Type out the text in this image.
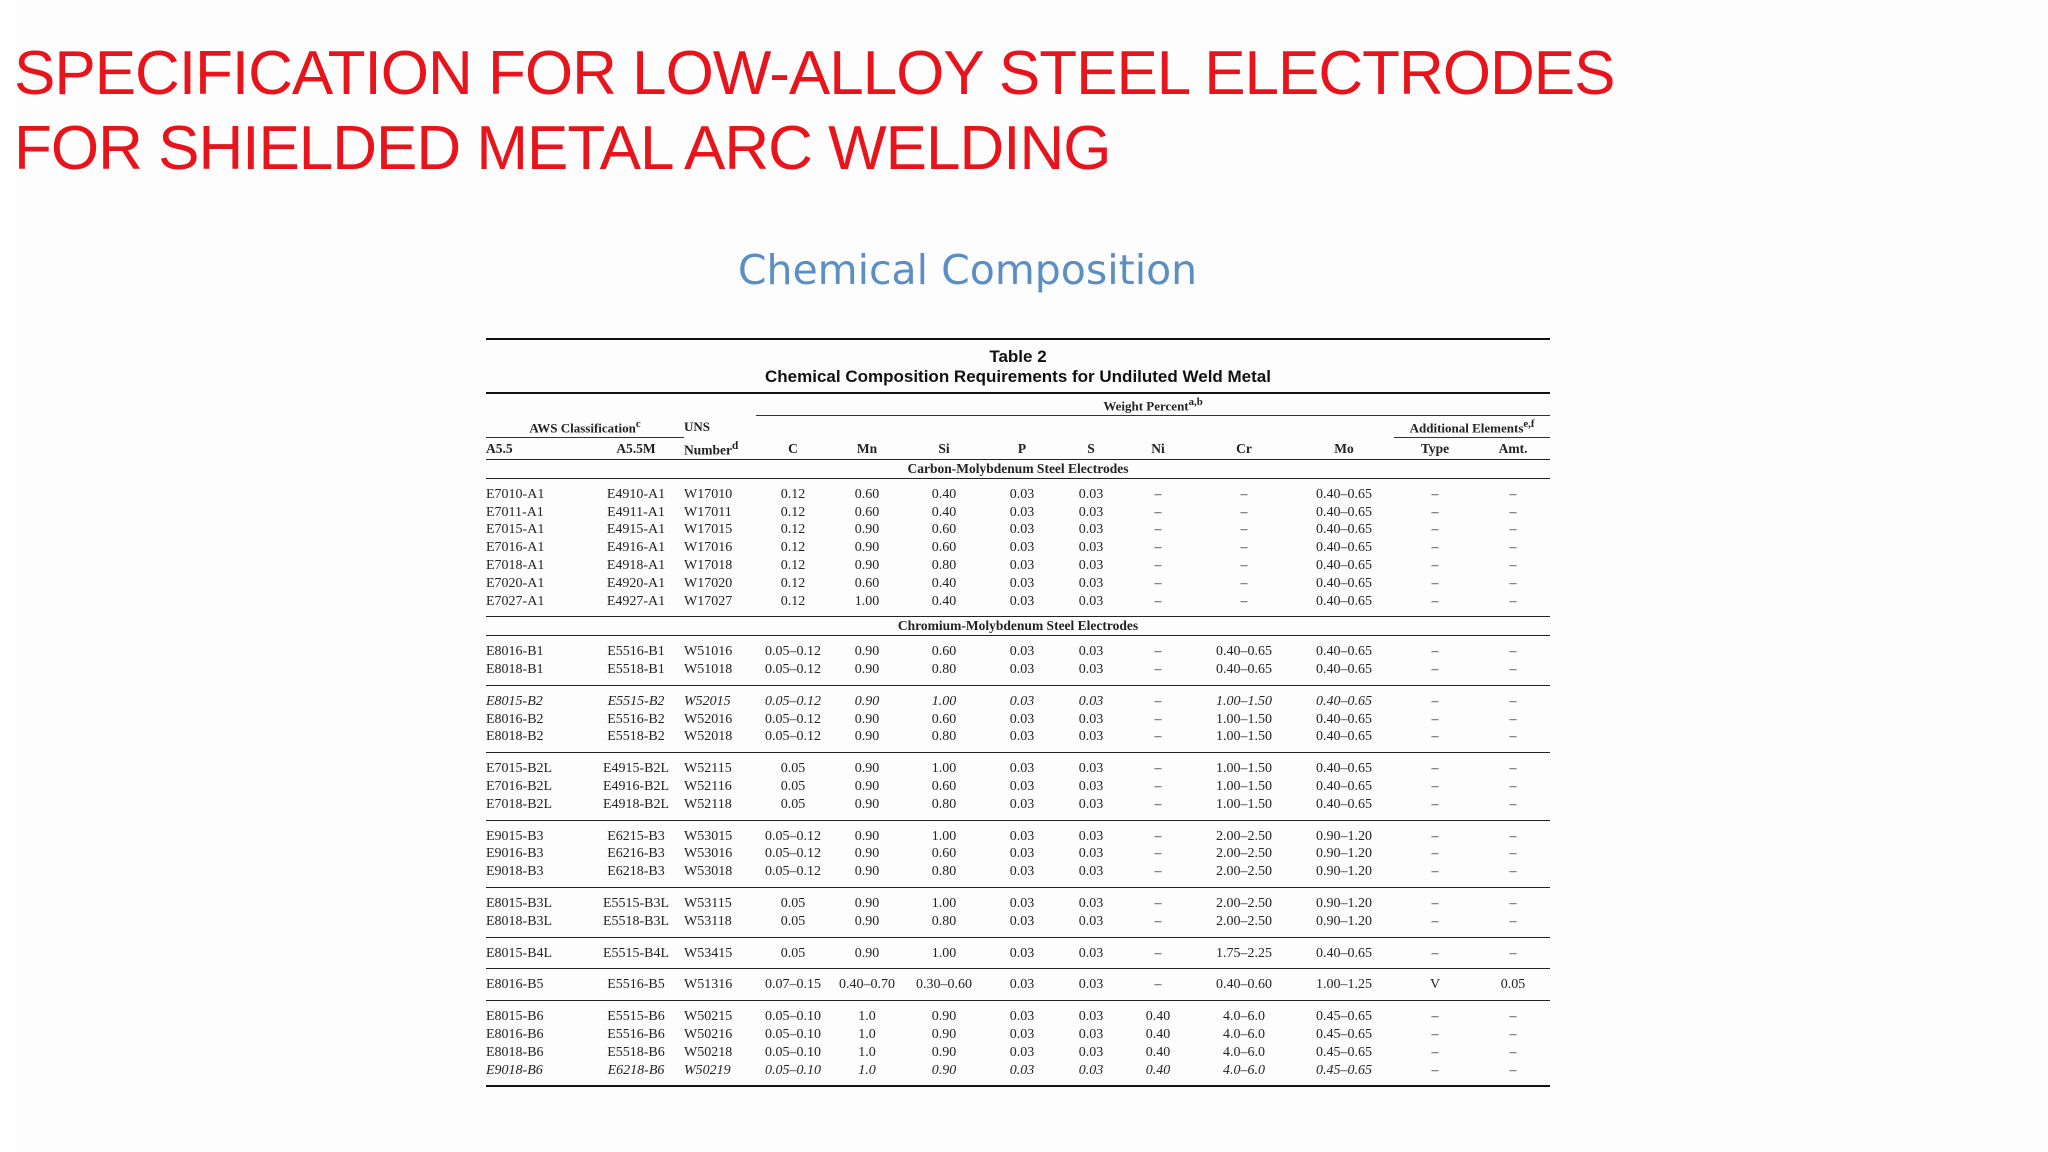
SPECIFICATION FOR LOW-ALLOY STEEL ELECTRODES
FOR SHIELDED METAL ARC WELDING
Chemical Composition
Table 2
Chemical Composition Requirements for Undiluted Weld Metal
			Weight Percent$^{a,b}$
AWS Classification$^c$		UNS									Additional Elements$^{e,f}$
A5.5	A5.5M	Number$^d$	C	Mn	Si	P	S	Ni	Cr	Mo	Type	Amt.
Carbon-Molybdenum Steel Electrodes												
E7010-A1	E4910-A1	W17010	0.12	0.60	0.40	0.03	0.03	–	–	0.40–0.65	–	–
E7011-A1	E4911-A1	W17011	0.12	0.60	0.40	0.03	0.03	–	–	0.40–0.65	–	–
E7015-A1	E4915-A1	W17015	0.12	0.90	0.60	0.03	0.03	–	–	0.40–0.65	–	–
E7016-A1	E4916-A1	W17016	0.12	0.90	0.60	0.03	0.03	–	–	0.40–0.65	–	–
E7018-A1	E4918-A1	W17018	0.12	0.90	0.80	0.03	0.03	–	–	0.40–0.65	–	–
E7020-A1	E4920-A1	W17020	0.12	0.60	0.40	0.03	0.03	–	–	0.40–0.65	–	–
E7027-A1	E4927-A1	W17027	0.12	1.00	0.40	0.03	0.03	–	–	0.40–0.65	–	–
Chromium-Molybdenum Steel Electrodes												
E8016-B1	E5516-B1	W51016	0.05–0.12	0.90	0.60	0.03	0.03	–	0.40–0.65	0.40–0.65	–	–
E8018-B1	E5518-B1	W51018	0.05–0.12	0.90	0.80	0.03	0.03	–	0.40–0.65	0.40–0.65	–	–
E8015-B2	E5515-B2	W52015	0.05–0.12	0.90	1.00	0.03	0.03	–	1.00–1.50	0.40–0.65	–	–
E8016-B2	E5516-B2	W52016	0.05–0.12	0.90	0.60	0.03	0.03	–	1.00–1.50	0.40–0.65	–	–
E8018-B2	E5518-B2	W52018	0.05–0.12	0.90	0.80	0.03	0.03	–	1.00–1.50	0.40–0.65	–	–
E7015-B2L	E4915-B2L	W52115	0.05	0.90	1.00	0.03	0.03	–	1.00–1.50	0.40–0.65	–	–
E7016-B2L	E4916-B2L	W52116	0.05	0.90	0.60	0.03	0.03	–	1.00–1.50	0.40–0.65	–	–
E7018-B2L	E4918-B2L	W52118	0.05	0.90	0.80	0.03	0.03	–	1.00–1.50	0.40–0.65	–	–
E9015-B3	E6215-B3	W53015	0.05–0.12	0.90	1.00	0.03	0.03	–	2.00–2.50	0.90–1.20	–	–
E9016-B3	E6216-B3	W53016	0.05–0.12	0.90	0.60	0.03	0.03	–	2.00–2.50	0.90–1.20	–	–
E9018-B3	E6218-B3	W53018	0.05–0.12	0.90	0.80	0.03	0.03	–	2.00–2.50	0.90–1.20	–	–
E8015-B3L	E5515-B3L	W53115	0.05	0.90	1.00	0.03	0.03	–	2.00–2.50	0.90–1.20	–	–
E8018-B3L	E5518-B3L	W53118	0.05	0.90	0.80	0.03	0.03	–	2.00–2.50	0.90–1.20	–	–
E8015-B4L	E5515-B4L	W53415	0.05	0.90	1.00	0.03	0.03	–	1.75–2.25	0.40–0.65	–	–
E8016-B5	E5516-B5	W51316	0.07–0.15	0.40–0.70	0.30–0.60	0.03	0.03	–	0.40–0.60	1.00–1.25	V	0.05
E8015-B6	E5515-B6	W50215	0.05–0.10	1.0	0.90	0.03	0.03	0.40	4.0–6.0	0.45–0.65	–	–
E8016-B6	E5516-B6	W50216	0.05–0.10	1.0	0.90	0.03	0.03	0.40	4.0–6.0	0.45–0.65	–	–
E8018-B6	E5518-B6	W50218	0.05–0.10	1.0	0.90	0.03	0.03	0.40	4.0–6.0	0.45–0.65	–	–
E9018-B6	E6218-B6	W50219	0.05–0.10	1.0	0.90	0.03	0.03	0.40	4.0–6.0	0.45–0.65	–	–
